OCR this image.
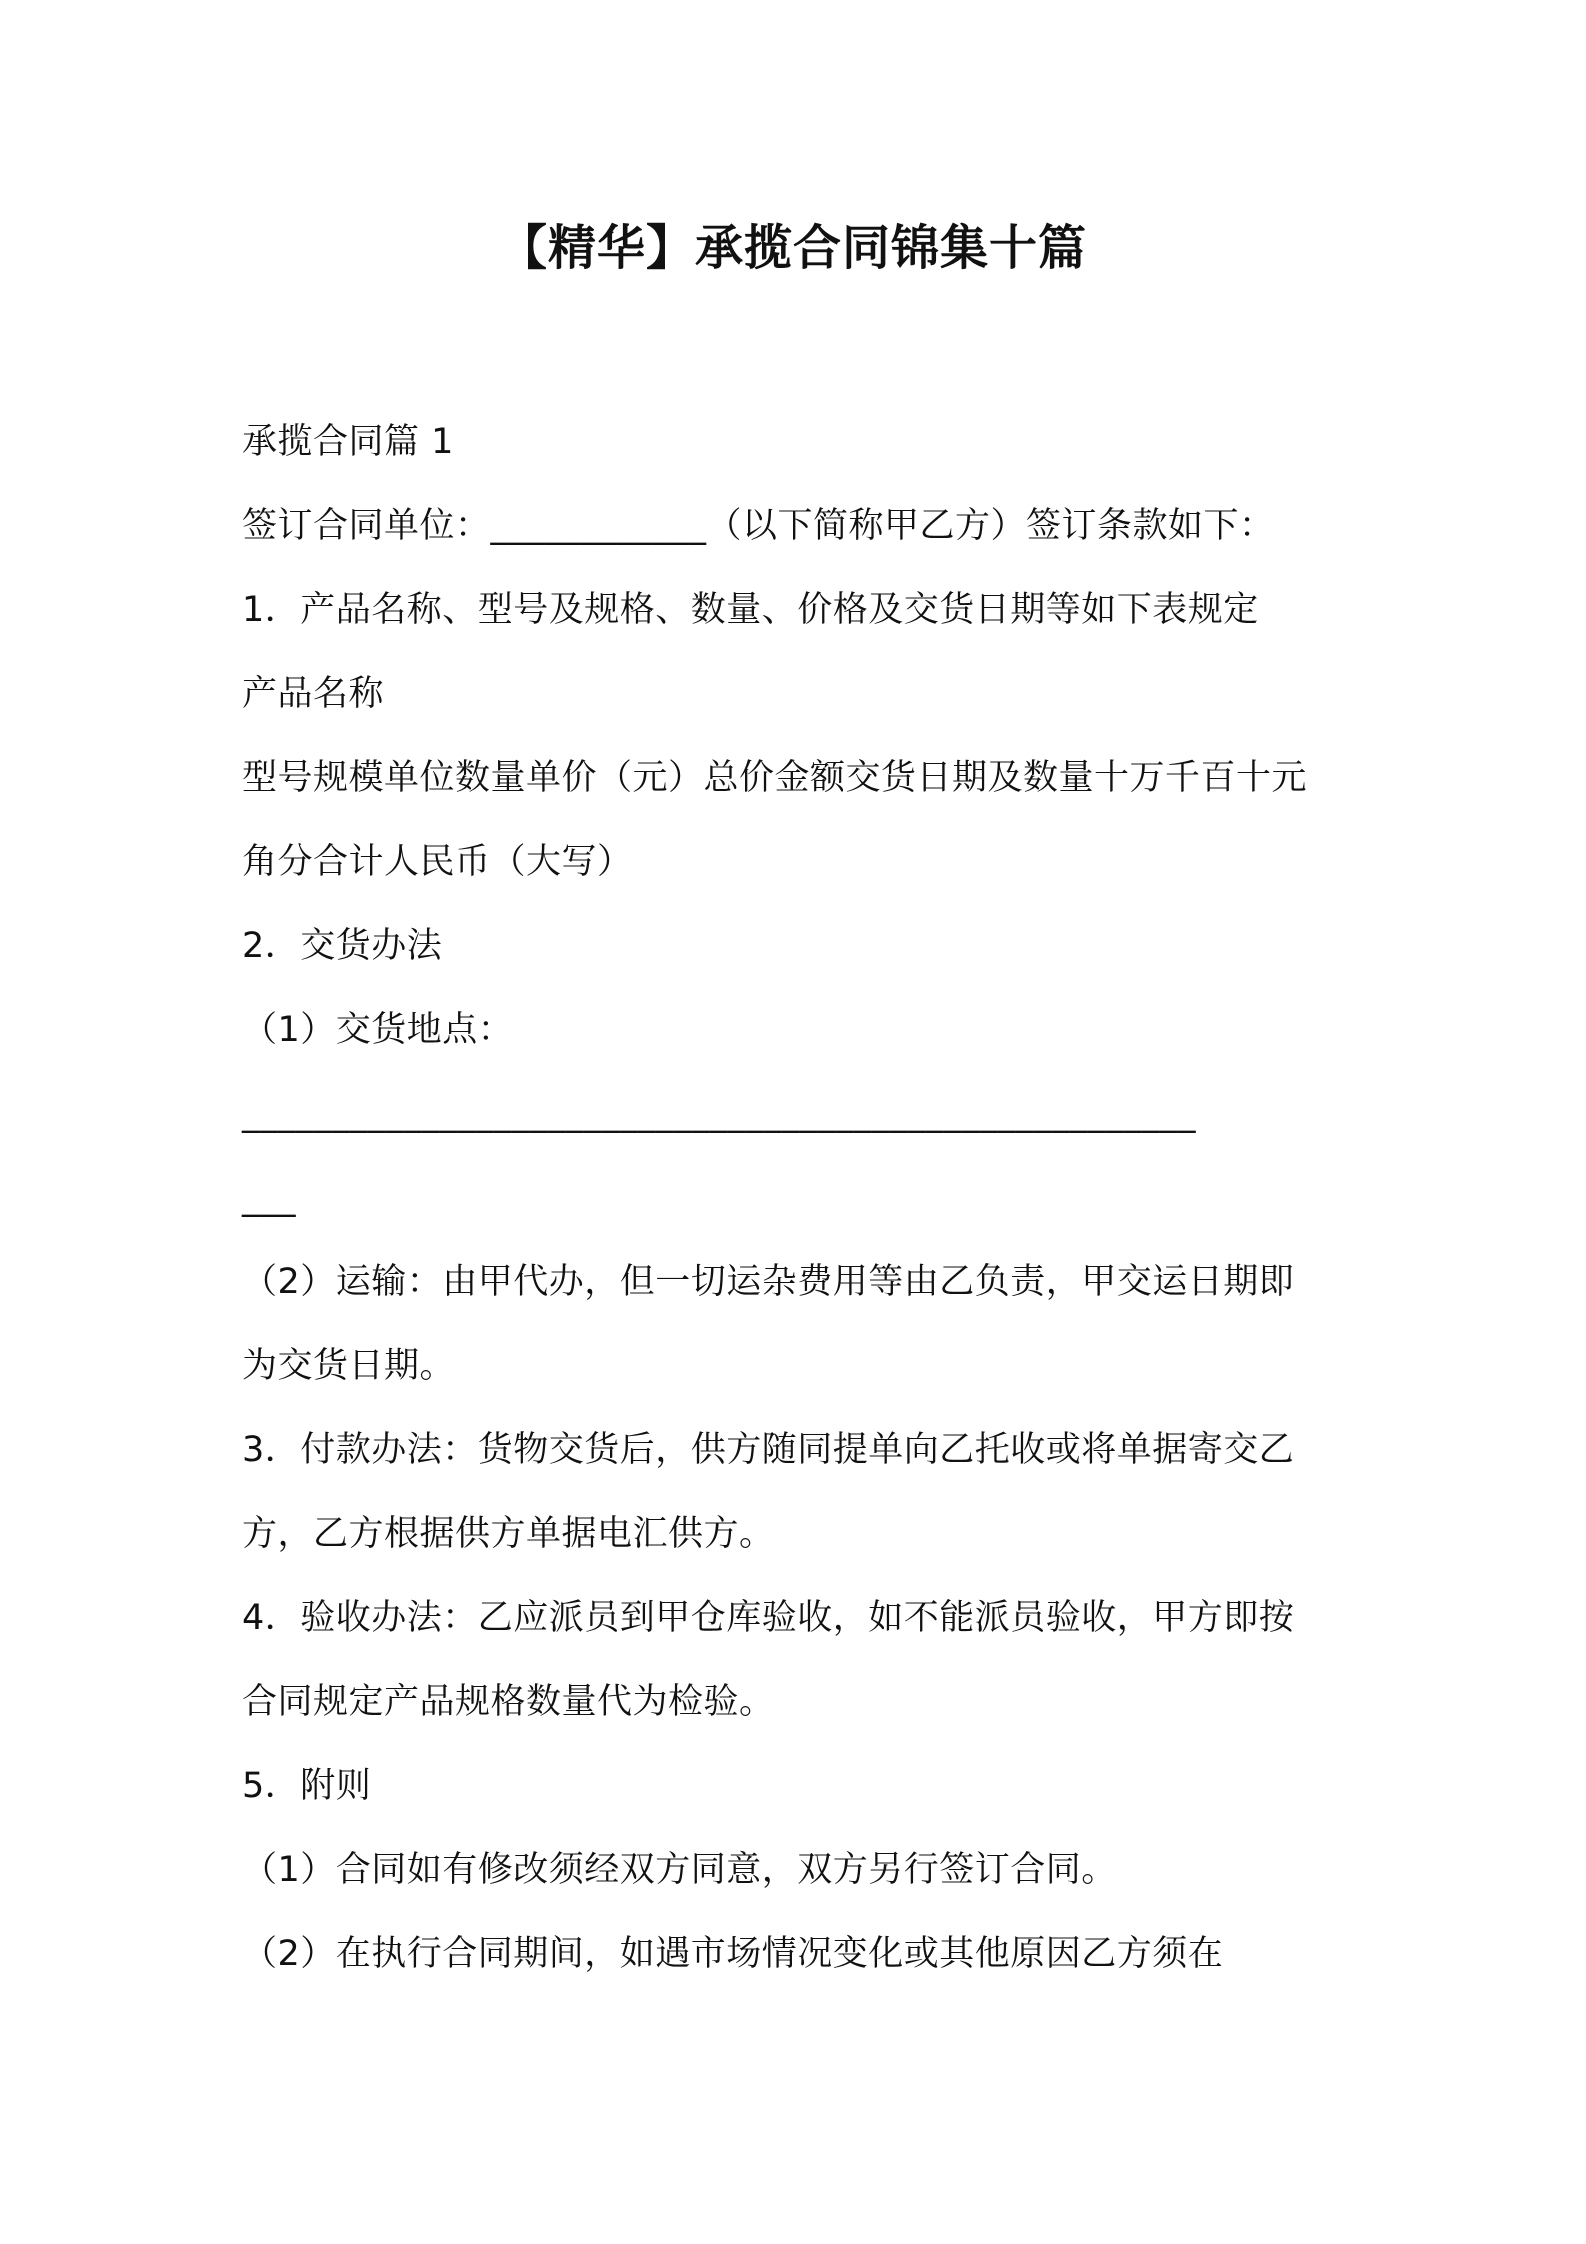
【精华】承揽合同锦集十篇
承揽合同篇 1
签订合同单位：____________（以下简称甲乙方）签订条款如下：
1．产品名称、型号及规格、数量、价格及交货日期等如下表规定
产品名称
型号规模单位数量单价（元）总价金额交货日期及数量十万千百十元
角分合计人民币（大写）
2．交货办法
（1）交货地点：
_____________________________________________________
___
（2）运输：由甲代办，但一切运杂费用等由乙负责，甲交运日期即
为交货日期。
3．付款办法：货物交货后，供方随同提单向乙托收或将单据寄交乙
方，乙方根据供方单据电汇供方。
4．验收办法：乙应派员到甲仓库验收，如不能派员验收，甲方即按
合同规定产品规格数量代为检验。
5．附则
（1）合同如有修改须经双方同意，双方另行签订合同。
（2）在执行合同期间，如遇市场情况变化或其他原因乙方须在
